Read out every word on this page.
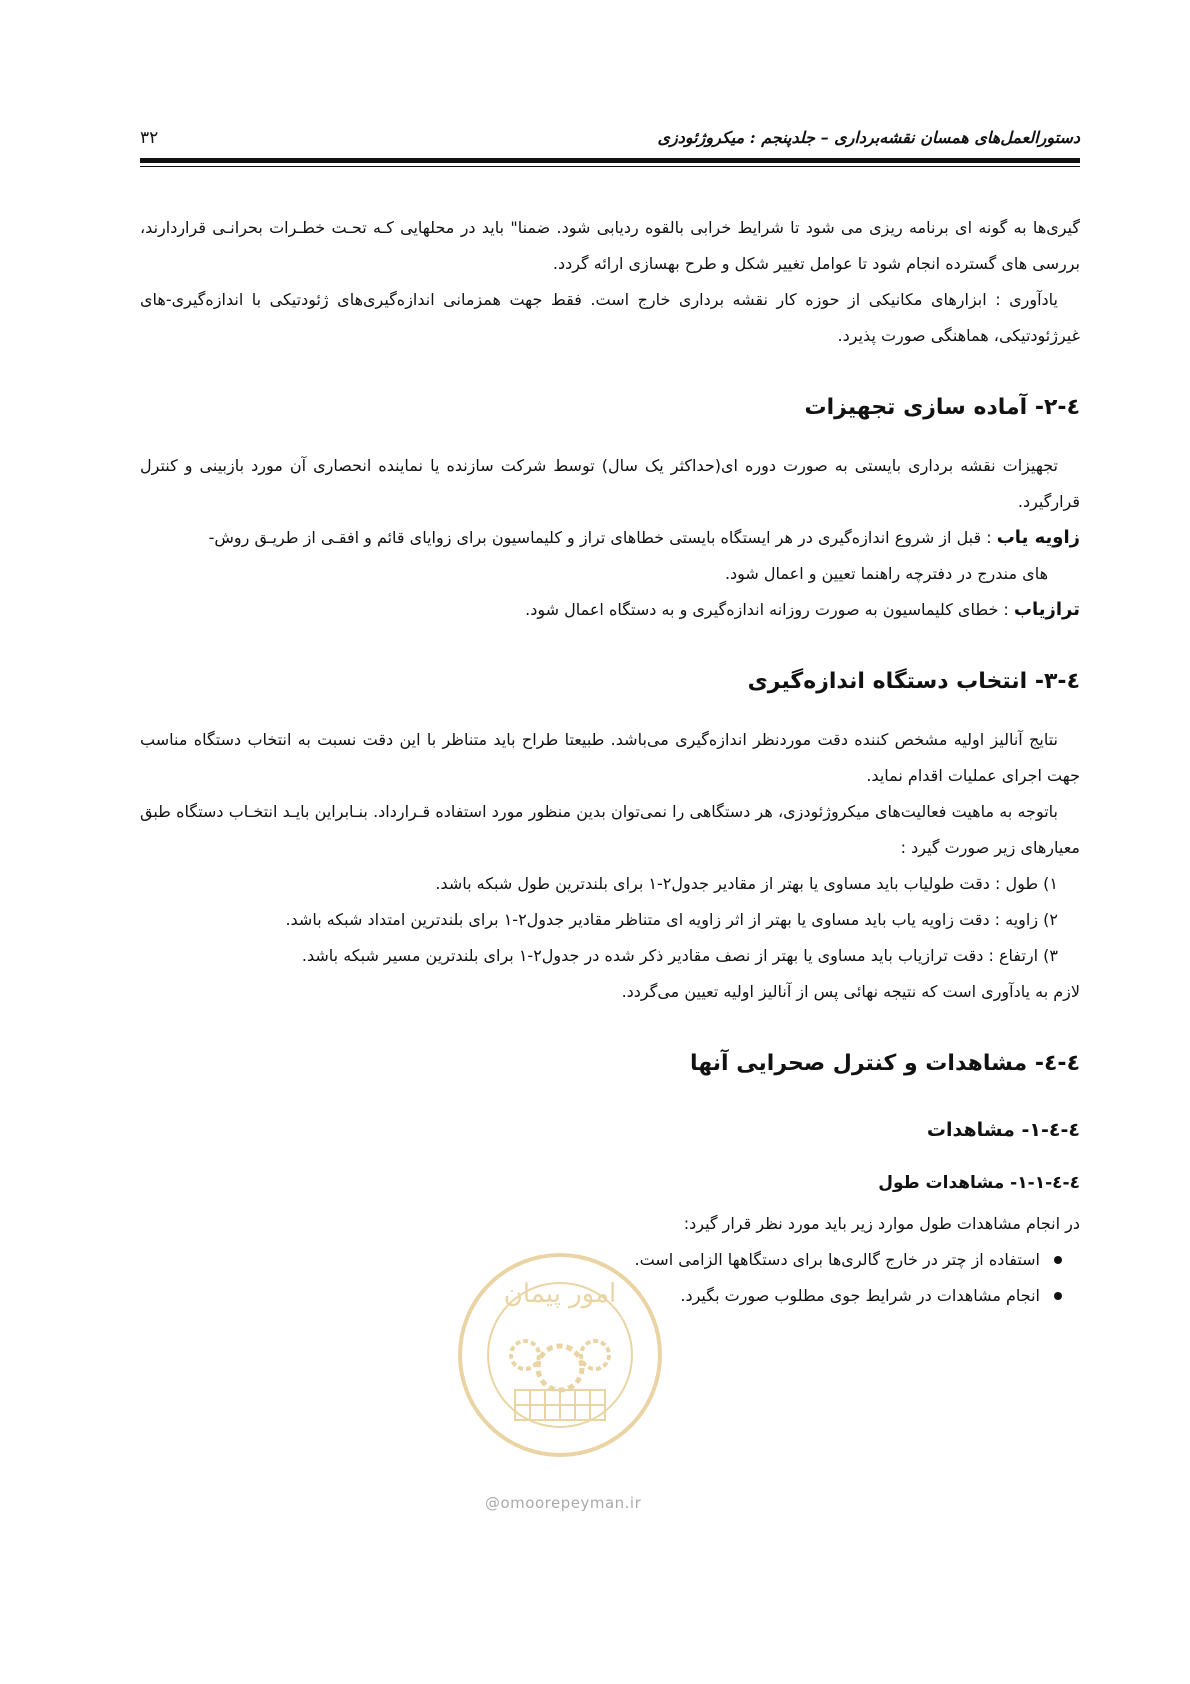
دستورالعمل‌های همسان نقشه‌برداری – جلدپنجم : میکروژئودزی
۳۲

گیری‌ها به گونه ای برنامه ریزی می شود تا شرایط خرابی بالقوه ردیابی شود. ضمنا" باید در محلهایی کـه تحـت خطـرات بحرانـی قراردارند، بررسی های گسترده انجام شود تا عوامل تغییر شکل و طرح بهسازی ارائه گردد.

یادآوری : ابزارهای مکانیکی از حوزه کار نقشه برداری خارج است. فقط جهت همزمانی اندازه‌گیری‌های ژئودتیکی با اندازه‌گیری-های غیرژئودتیکی، هماهنگی صورت پذیرد.

٤-٢- آماده سازی تجهیزات

تجهیزات نقشه برداری بایستی به صورت دوره ای(حداکثر یک سال) توسط شرکت سازنده یا نماینده انحصاری آن مورد بازبینی و کنترل قرارگیرد.

زاویه یاب : قبل از شروع اندازه‌گیری در هر ایستگاه بایستی خطاهای تراز و کلیماسیون برای زوایای قائم و افقـی از طریـق روش-

های مندرج در دفترچه راهنما تعیین و اعمال شود.

ترازیاب : خطای کلیماسیون به صورت روزانه اندازه‌گیری و به دستگاه اعمال شود.

٤-٣- انتخاب دستگاه اندازه‌گیری

نتایج آنالیز اولیه مشخص کننده دقت موردنظر اندازه‌گیری می‌باشد. طبیعتا طراح باید متناظر با این دقت نسبت به انتخاب دستگاه مناسب جهت اجرای عملیات اقدام نماید.

باتوجه به ماهیت فعالیت‌های میکروژئودزی، هر دستگاهی را نمی‌توان بدین منظور مورد استفاده قـرارداد. بنـابراین بایـد انتخـاب دستگاه طبق معیارهای زیر صورت گیرد :

١) طول : دقت طولیاب باید مساوی یا بهتر از مقادیر جدول٢-١ برای بلندترین طول شبکه باشد.
٢) زاویه : دقت زاویه یاب باید مساوی یا بهتر از اثر زاویه ای متناظر مقادیر جدول٢-١ برای بلندترین امتداد شبکه باشد.
٣) ارتفاع : دقت ترازیاب باید مساوی یا بهتر از نصف مقادیر ذکر شده در جدول٢-١ برای بلندترین مسیر شبکه باشد.

لازم به یادآوری است که نتیجه نهائی پس از آنالیز اولیه تعیین می‌گردد.

٤-٤- مشاهدات و کنترل صحرایی آنها
٤-٤-١- مشاهدات
٤-٤-١-١- مشاهدات طول

در انجام مشاهدات طول موارد زیر باید مورد نظر قرار گیرد:

استفاده از چتر در خارج گالری‌ها برای دستگاهها الزامی است.
انجام مشاهدات در شرایط جوی مطلوب صورت بگیرد.
امور پیمان
@omoorepeyman.ir
